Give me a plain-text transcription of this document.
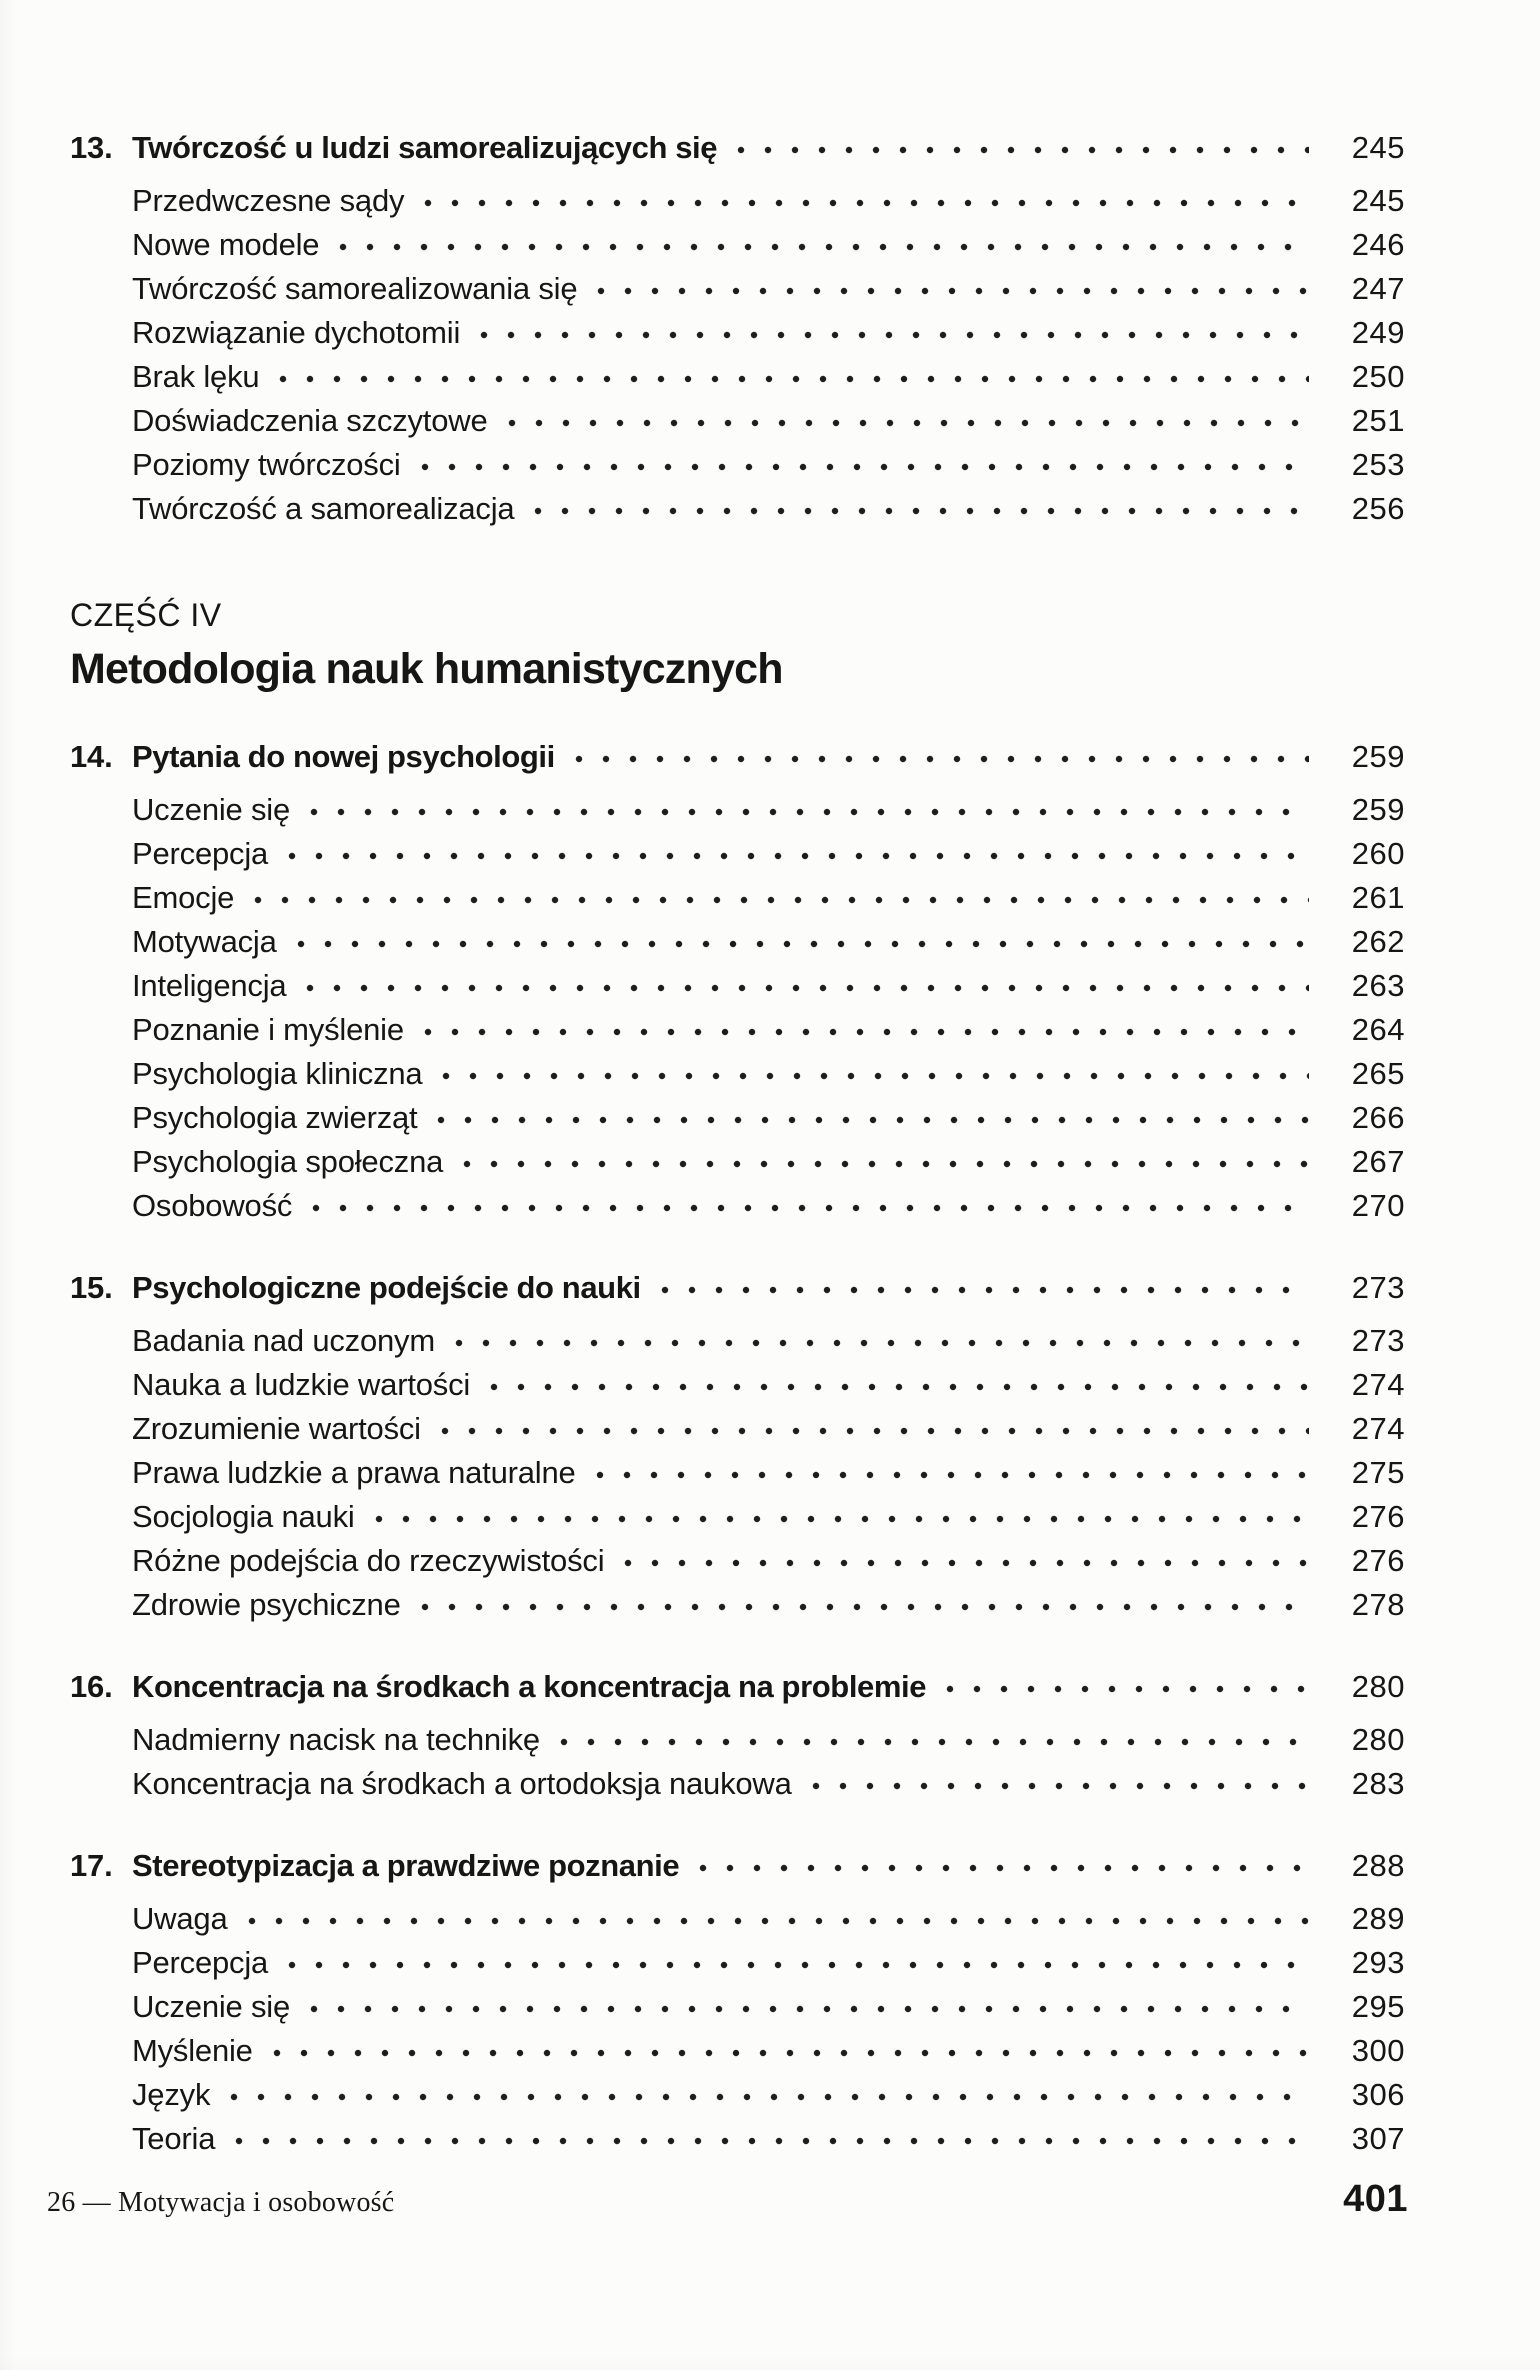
13. Twórczość u ludzi samorealizujących się	245
Przedwczesne sądy	245
Nowe modele	246
Twórczość samorealizowania się	247
Rozwiązanie dychotomii	249
Brak lęku	250
Doświadczenia szczytowe	251
Poziomy twórczości	253
Twórczość a samorealizacja	256
CZĘŚĆ IV
Metodologia nauk humanistycznych
14. Pytania do nowej psychologii	259
Uczenie się	259
Percepcja	260
Emocje	261
Motywacja	262
Inteligencja	263
Poznanie i myślenie	264
Psychologia kliniczna	265
Psychologia zwierząt	266
Psychologia społeczna	267
Osobowość	270
15. Psychologiczne podejście do nauki	273
Badania nad uczonym	273
Nauka a ludzkie wartości	274
Zrozumienie wartości	274
Prawa ludzkie a prawa naturalne	275
Socjologia nauki	276
Różne podejścia do rzeczywistości	276
Zdrowie psychiczne	278
16. Koncentracja na środkach a koncentracja na problemie	280
Nadmierny nacisk na technikę	280
Koncentracja na środkach a ortodoksja naukowa	283
17. Stereotypizacja a prawdziwe poznanie	288
Uwaga	289
Percepcja	293
Uczenie się	295
Myślenie	300
Język	306
Teoria	307
26 — Motywacja i osobowość	401
